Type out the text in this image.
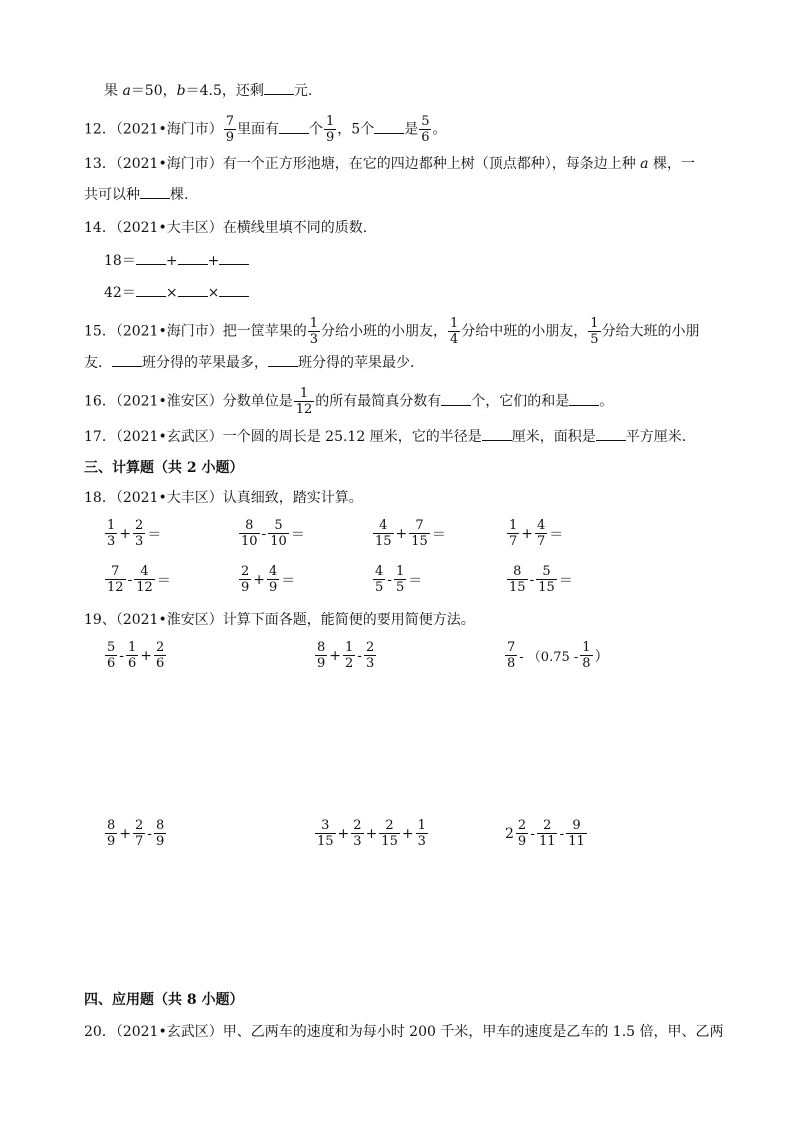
果 a＝50，b＝4.5，还剩 元.
12．（2021•海门市） $\frac{7}{9}$ 里面有 个 $\frac{1}{9}$ ，5个 是 $\frac{5}{6}$ 。
13．（2021•海门市）有一个正方形池塘，在它的四边都种上树（顶点都种），每条边上种 a 棵，一
共可以种 棵.
14．（2021•大丰区）在横线里填不同的质数.
18＝ + +
42＝ × ×
15．（2021•海门市）把一筐苹果的 $\frac{1}{3}$ 分给小班的小朋友， $\frac{1}{4}$ 分给中班的小朋友， $\frac{1}{5}$ 分给大班的小朋
友． 班分得的苹果最多， 班分得的苹果最少．
16．（2021•淮安区）分数单位是 $\frac{1}{12}$ 的所有最简真分数有 个，它们的和是 。
17．（2021•玄武区）一个圆的周长是 25.12 厘米，它的半径是 厘米，面积是 平方厘米．
三、计算题（共 2 小题）
18．（2021•大丰区）认真细致，踏实计算。
$\frac{1}{3} + \frac{2}{3}$ ＝	$\frac{8}{10} - \frac{5}{10}$ ＝	$\frac{4}{15} + \frac{7}{15}$ ＝	$\frac{1}{7} + \frac{4}{7}$ ＝
$\frac{7}{12} - \frac{4}{12}$ ＝	$\frac{2}{9} + \frac{4}{9}$ ＝	$\frac{4}{5} - \frac{1}{5}$ ＝	$\frac{8}{15} - \frac{5}{15}$ ＝
19、（2021•淮安区）计算下面各题，能简便的要用简便方法。
$\frac{5}{6} - \frac{1}{6} + \frac{2}{6}$	$\frac{8}{9} + \frac{1}{2} - \frac{2}{3}$	$\frac{7}{8} - (0.75 - \frac{1}{8}$ ）
$\frac{8}{9} + \frac{2}{7} - \frac{8}{9}$	$\frac{3}{15} + \frac{2}{3} + \frac{2}{15} + \frac{1}{3}$	$2 \frac{2}{9} - \frac{2}{11} - \frac{9}{11}$
四、应用题（共 8 小题）
20．（2021•玄武区）甲、乙两车的速度和为每小时 200 千米，甲车的速度是乙车的 1.5 倍，甲、乙两
